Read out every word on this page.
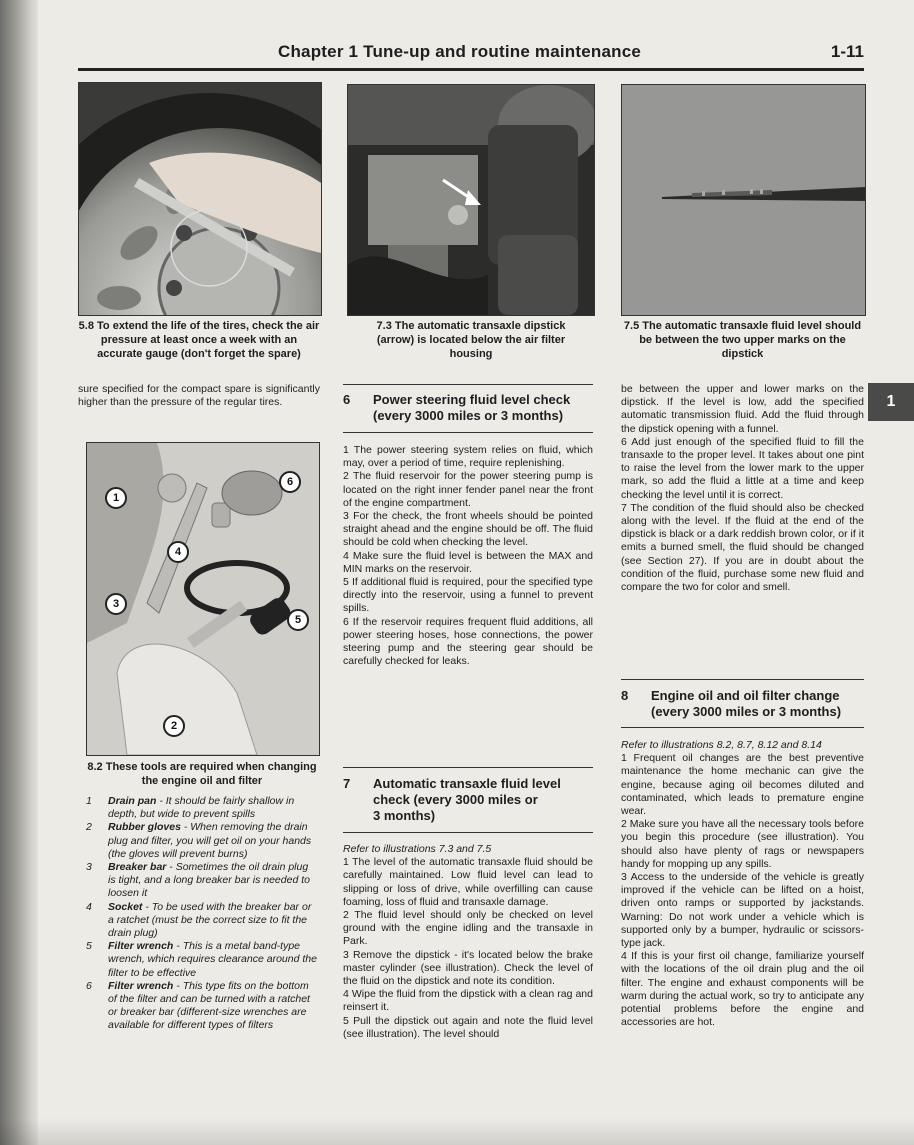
Chapter 1 Tune-up and routine maintenance	1-11
1
5.8 To extend the life of the tires, check the air pressure at least once a week with an accurate gauge (don't forget the spare)
7.3 The automatic transaxle dipstick (arrow) is located below the air filter housing
7.5 The automatic transaxle fluid level should be between the two upper marks on the dipstick
sure specified for the compact spare is significantly higher than the pressure of the regular tires.
1
2
3
4
5
6
8.2 These tools are required when changing the engine oil and filter
1 Drain pan - It should be fairly shallow in depth, but wide to prevent spills
2 Rubber gloves - When removing the drain plug and filter, you will get oil on your hands (the gloves will prevent burns)
3 Breaker bar - Sometimes the oil drain plug is tight, and a long breaker bar is needed to loosen it
4 Socket - To be used with the breaker bar or a ratchet (must be the correct size to fit the drain plug)
5 Filter wrench - This is a metal band-type wrench, which requires clearance around the filter to be effective
6 Filter wrench - This type fits on the bottom of the filter and can be turned with a ratchet or breaker bar (different-size wrenches are available for different types of filters
6 Power steering fluid level check
(every 3000 miles or 3 months)

1 The power steering system relies on fluid, which may, over a period of time, require replenishing.

2 The fluid reservoir for the power steering pump is located on the right inner fender panel near the front of the engine compartment.

3 For the check, the front wheels should be pointed straight ahead and the engine should be off. The fluid should be cold when checking the level.

4 Make sure the fluid level is between the MAX and MIN marks on the reservoir.

5 If additional fluid is required, pour the specified type directly into the reservoir, using a funnel to prevent spills.

6 If the reservoir requires frequent fluid additions, all power steering hoses, hose connections, the power steering pump and the steering gear should be carefully checked for leaks.

7 Automatic transaxle fluid level
check (every 3000 miles or
3 months)

Refer to illustrations 7.3 and 7.5

1 The level of the automatic transaxle fluid should be carefully maintained. Low fluid level can lead to slipping or loss of drive, while overfilling can cause foaming, loss of fluid and transaxle damage.

2 The fluid level should only be checked on level ground with the engine idling and the transaxle in Park.

3 Remove the dipstick - it's located below the brake master cylinder (see illustration). Check the level of the fluid on the dipstick and note its condition.

4 Wipe the fluid from the dipstick with a clean rag and reinsert it.

5 Pull the dipstick out again and note the fluid level (see illustration). The level should

be between the upper and lower marks on the dipstick. If the level is low, add the specified automatic transmission fluid. Add the fluid through the dipstick opening with a funnel.

6 Add just enough of the specified fluid to fill the transaxle to the proper level. It takes about one pint to raise the level from the lower mark to the upper mark, so add the fluid a little at a time and keep checking the level until it is correct.

7 The condition of the fluid should also be checked along with the level. If the fluid at the end of the dipstick is black or a dark reddish brown color, or if it emits a burned smell, the fluid should be changed (see Section 27). If you are in doubt about the condition of the fluid, purchase some new fluid and compare the two for color and smell.

8 Engine oil and oil filter change
(every 3000 miles or 3 months)

Refer to illustrations 8.2, 8.7, 8.12 and 8.14

1 Frequent oil changes are the best preventive maintenance the home mechanic can give the engine, because aging oil becomes diluted and contaminated, which leads to premature engine wear.

2 Make sure you have all the necessary tools before you begin this procedure (see illustration). You should also have plenty of rags or newspapers handy for mopping up any spills.

3 Access to the underside of the vehicle is greatly improved if the vehicle can be lifted on a hoist, driven onto ramps or supported by jackstands. Warning: Do not work under a vehicle which is supported only by a bumper, hydraulic or scissors-type jack.

4 If this is your first oil change, familiarize yourself with the locations of the oil drain plug and the oil filter. The engine and exhaust components will be warm during the actual work, so try to anticipate any potential problems before the engine and accessories are hot.
